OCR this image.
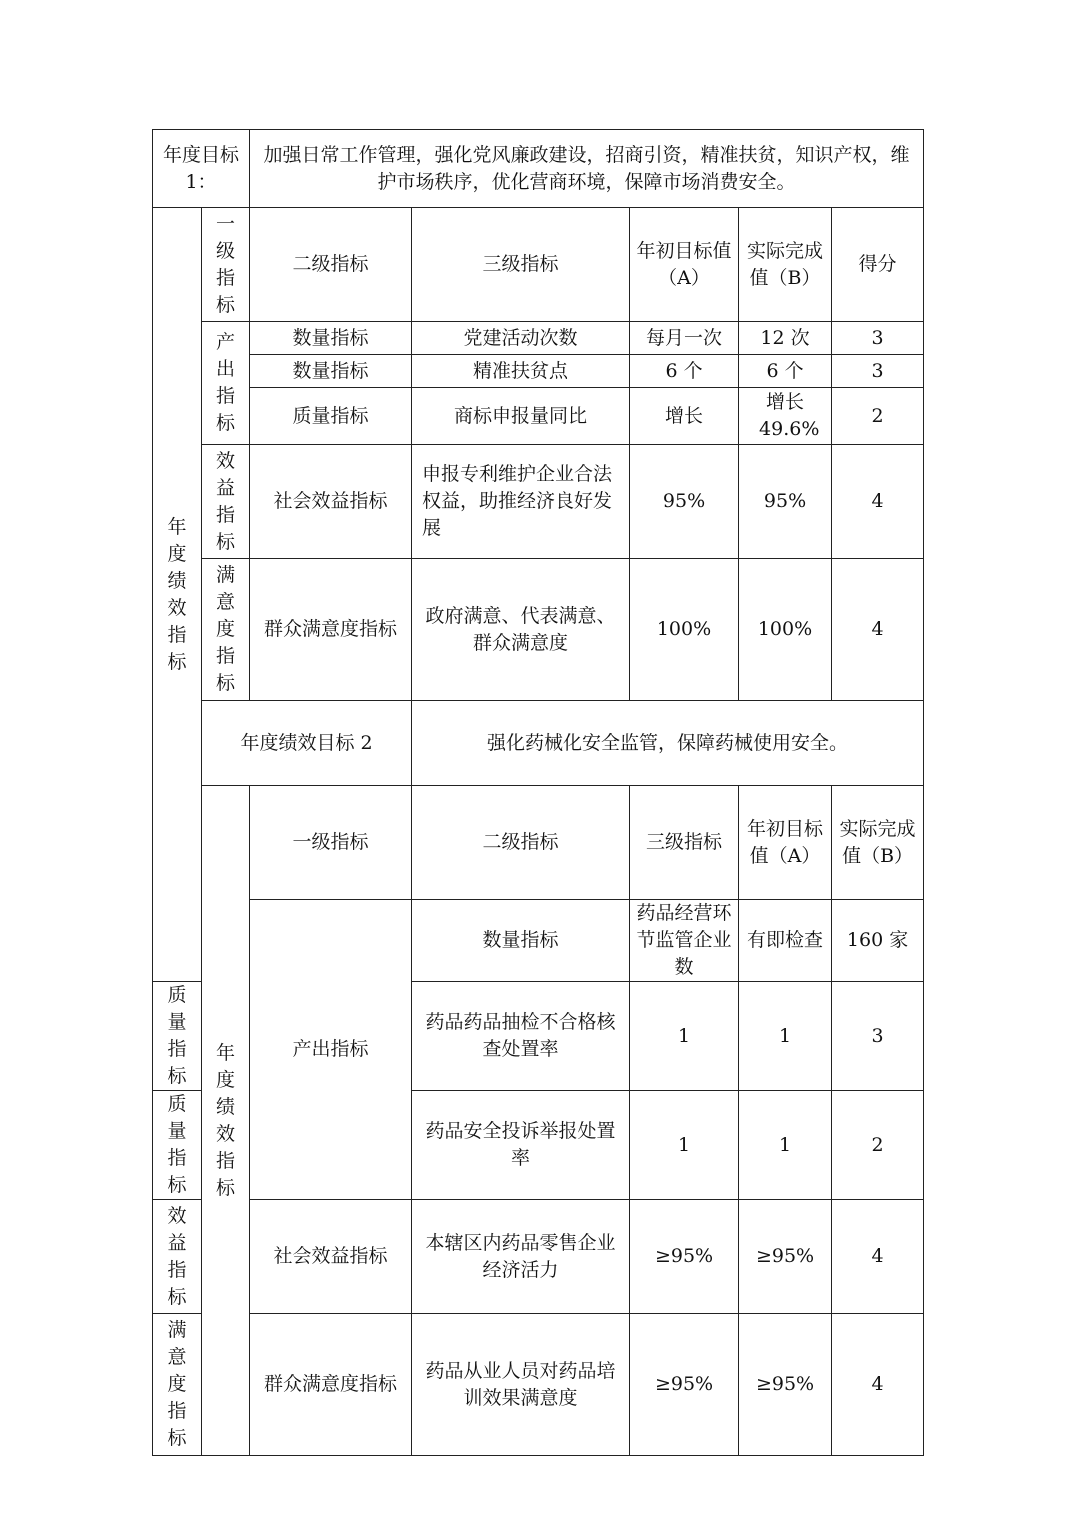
年度目标 1：		加强日常工作管理，强化党风廉政建设，招商引资，精准扶贫，知识产权，维护市场秩序，优化营商环境，保障市场消费安全。					
年度绩效指标	一级指标	二级指标	三级指标	年初目标值（A）	实际完成值（B）	得分	
	产出指标	数量指标	党建活动次数	每月一次	12 次	3	
		数量指标	精准扶贫点	6 个	6 个	3	
		质量指标	商标申报量同比	增长	增长 49.6%	2	
	效益指标	社会效益指标	申报专利维护企业合法权益，助推经济良好发展	95%	95%	4	
	满意度指标	群众满意度指标	政府满意、代表满意、群众满意度	100%	100%	4	
	年度绩效目标 2		强化药械化安全监管，保障药械使用安全。				
	年度绩效指标	一级指标	二级指标	三级指标	年初目标值（A）	实际完成值（B）	
		产出指标	数量指标	药品经营环节监管企业数	有即检查	160 家	
质量指标			药品药品抽检不合格核查处置率	1	1	3	
质量指标			药品安全投诉举报处置率	1	1	2	
效益指标		社会效益指标	本辖区内药品零售企业经济活力	≥95%	≥95%	4	
满意度指标		群众满意度指标	药品从业人员对药品培训效果满意度	≥95%	≥95%	4	
